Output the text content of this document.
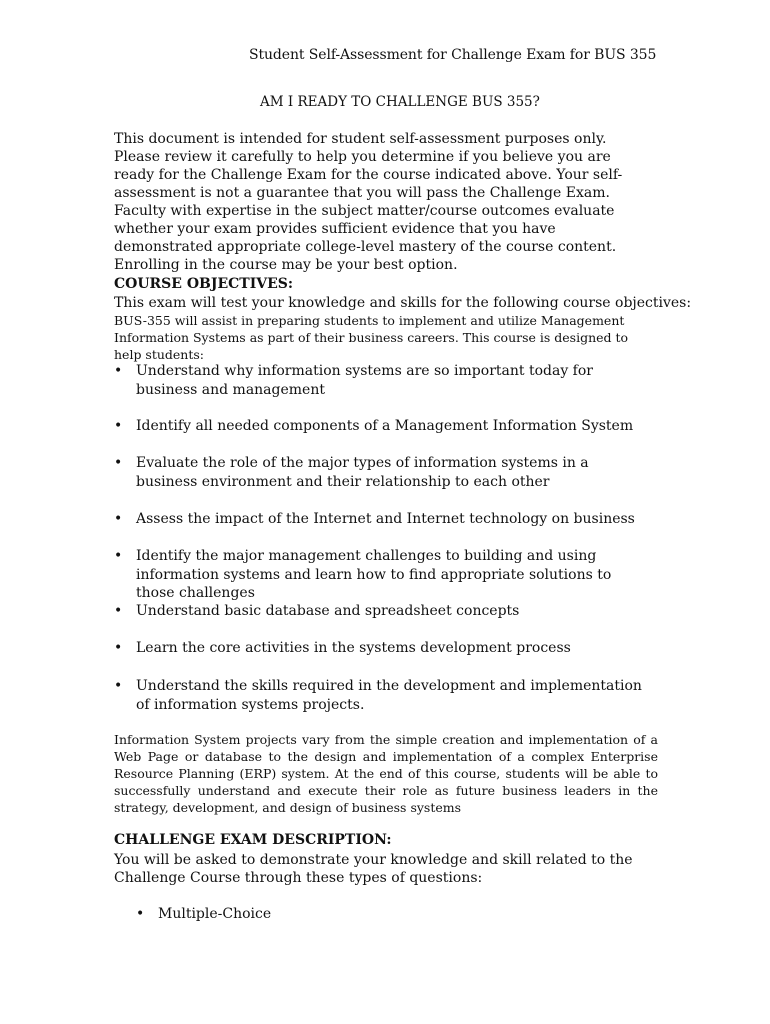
Student Self-Assessment for Challenge Exam for BUS 355
AM I READY TO CHALLENGE BUS 355?
This document is intended for student self-assessment purposes only. Please review it carefully to help you determine if you believe you are ready for the Challenge Exam for the course indicated above. Your self-assessment is not a guarantee that you will pass the Challenge Exam. Faculty with expertise in the subject matter/course outcomes evaluate whether your exam provides sufficient evidence that you have demonstrated appropriate college-level mastery of the course content. Enrolling in the course may be your best option.
COURSE OBJECTIVES:
This exam will test your knowledge and skills for the following course objectives:
BUS-355 will assist in preparing students to implement and utilize Management Information Systems as part of their business careers. This course is designed to help students:
• Understand why information systems are so important today for business and management
• Identify all needed components of a Management Information System
• Evaluate the role of the major types of information systems in a business environment and their relationship to each other
• Assess the impact of the Internet and Internet technology on business
• Identify the major management challenges to building and using information systems and learn how to find appropriate solutions to those challenges
• Understand basic database and spreadsheet concepts
• Learn the core activities in the systems development process
• Understand the skills required in the development and implementation of information systems projects.
Information System projects vary from the simple creation and implementation of a Web Page or database to the design and implementation of a complex Enterprise Resource Planning (ERP) system. At the end of this course, students will be able to successfully understand and execute their role as future business leaders in the strategy, development, and design of business systems
CHALLENGE EXAM DESCRIPTION:
You will be asked to demonstrate your knowledge and skill related to the Challenge Course through these types of questions:
• Multiple-Choice
